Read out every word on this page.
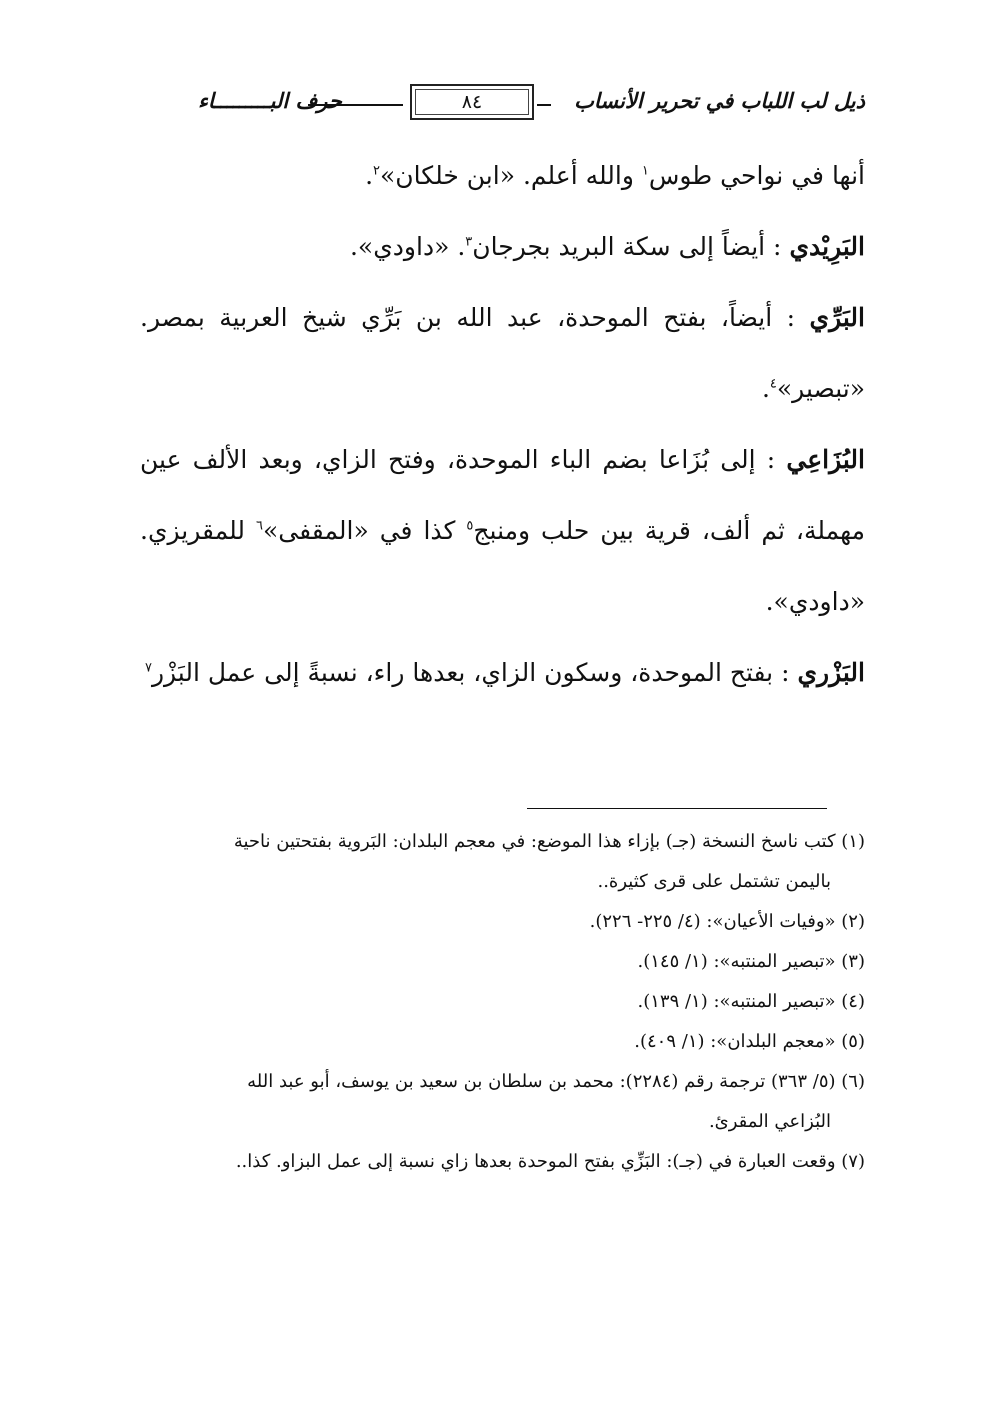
ذيل لب اللباب في تحرير الأنساب
٨٤
حرف البـــــــــاء

أنها في نواحي طوس$^١$ والله أعلم. «ابن خلكان»$^٢$.

البَرِيْدي : أيضاً إلى سكة البريد بجرجان$^٣$. «داودي».

البَرِّي : أيضاً، بفتح الموحدة، عبد الله بن بَرِّي شيخ العربية بمصر. «تبصير»$^٤$.

البُزَاعِي : إلى بُزَاعا بضم الباء الموحدة، وفتح الزاي، وبعد الألف عين مهملة، ثم ألف، قرية بين حلب ومنبج$^٥$ كذا في «المقفى»$^٦$ للمقريزي. «داودي».

البَزْري : بفتح الموحدة، وسكون الزاي، بعدها راء، نسبةً إلى عمل البَزْر$^٧$

(١) كتب ناسخ النسخة (جـ) بإزاء هذا الموضع: في معجم البلدان: البَروية بفتحتين ناحية

باليمن تشتمل على قرى كثيرة..

(٢) «وفيات الأعيان»: (٤/ ٢٢٥- ٢٢٦).

(٣) «تبصير المنتبه»: (١/ ١٤٥).

(٤) «تبصير المنتبه»: (١/ ١٣٩).

(٥) «معجم البلدان»: (١/ ٤٠٩).

(٦) (٥/ ٣٦٣) ترجمة رقم (٢٢٨٤): محمد بن سلطان بن سعيد بن يوسف، أبو عبد الله

البُزاعي المقرئ.

(٧) وقعت العبارة في (جـ): البَزِّي بفتح الموحدة بعدها زاي نسبة إلى عمل البزاو. كذا..
